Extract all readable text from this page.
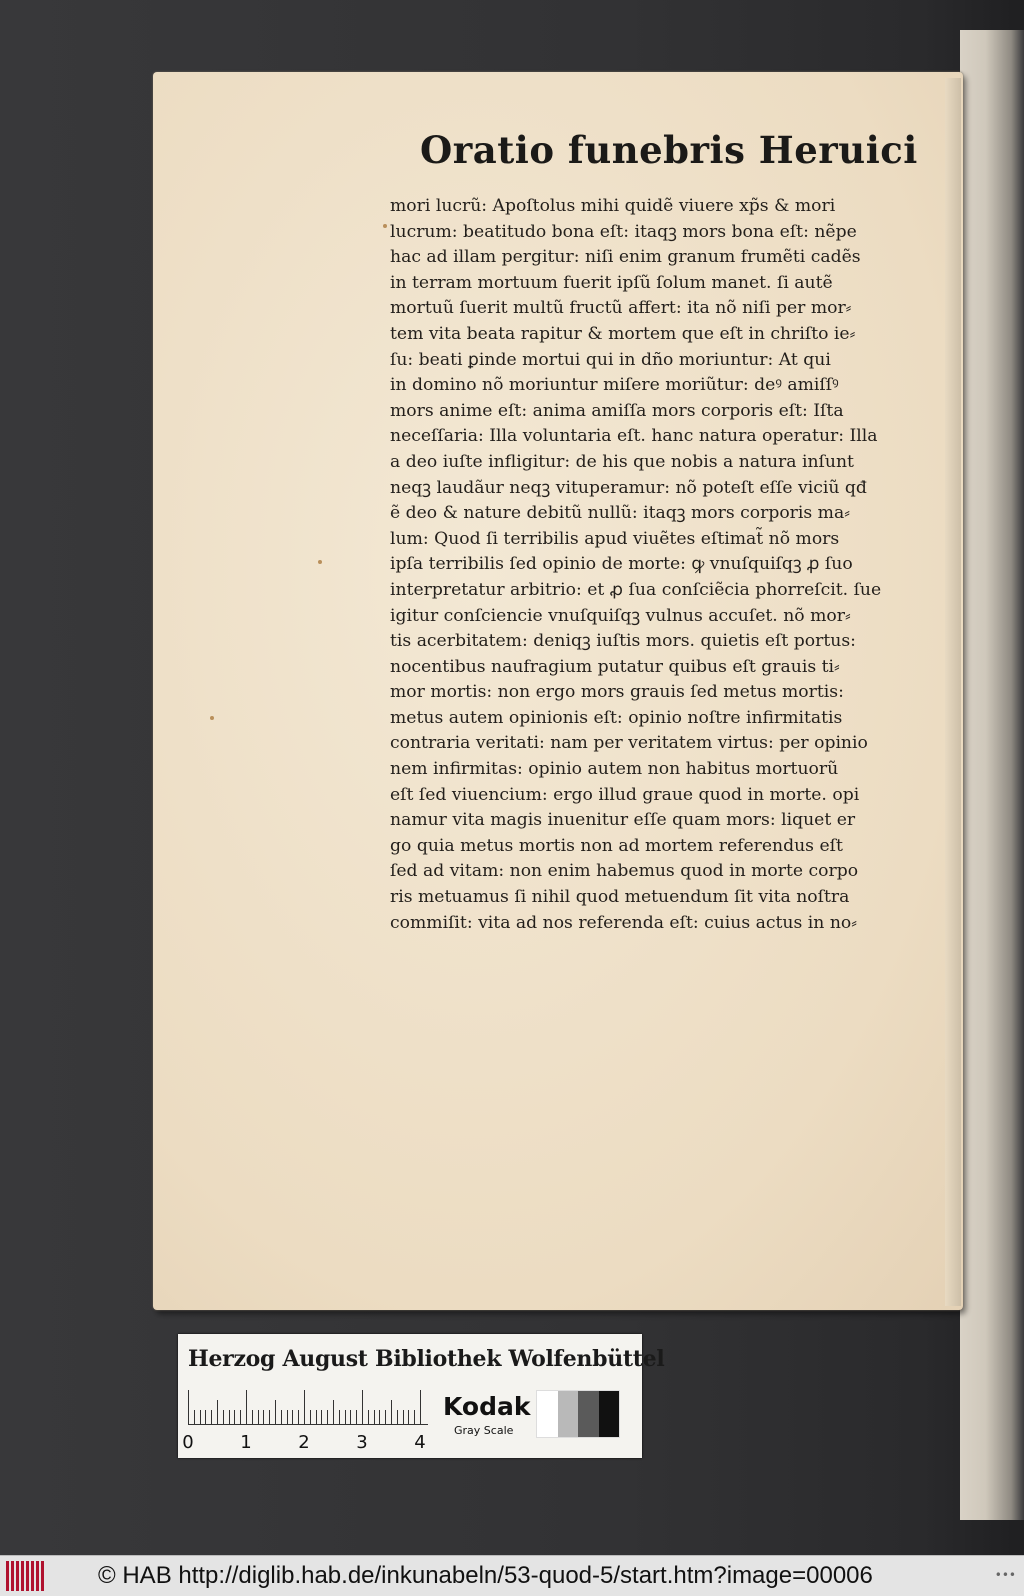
Oratio funebris Heruici
mori lucrũ: Apoſtolus mihi quidẽ viuere xp̃s & mori
lucrum: beatitudo bona eſt: itaqꝫ mors bona eſt: nẽpe
hac ad illam pergitur: niſi enim granum frumẽti cadẽs
in terram mortuum fuerit ipſũ ſolum manet. ſi autẽ
mortuũ ſuerit multũ fructũ affert: ita nõ niſi per mor⸗
tem vita beata rapitur & mortem que eſt in chriſto ie⸗
ſu: beati ꝑinde mortui qui in dño moriuntur: At qui
in domino nõ moriuntur miſere moriũtur: deꝰ amiſſꝰ
mors anime eſt: anima amiſſa mors corporis eſt: Iſta
neceſſaria: Illa voluntaria eſt. hanc natura operatur: Illa
a deo iuſte infligitur: de his que nobis a natura inſunt
neqꝫ laudãur neqꝫ vituperamur: nõ poteſt eſſe viciũ qđ
ẽ deo & nature debitũ nullũ: itaqꝫ mors corporis ma⸗
lum: Quod ſi terribilis apud viuẽtes eſtimat̃ nõ mors
ipſa terribilis ſed opinio de morte: ꝙ vnuſquiſqꝫ ꝓ ſuo
interpretatur arbitrio: et ꝓ ſua conſciẽcia phorreſcit. ſue
igitur conſciencie vnuſquiſqꝫ vulnus accuſet. nõ mor⸗
tis acerbitatem: deniqꝫ iuſtis mors. quietis eſt portus:
nocentibus naufragium putatur quibus eſt grauis ti⸗
mor mortis: non ergo mors grauis ſed metus mortis:
metus autem opinionis eſt: opinio noſtre infirmitatis
contraria veritati: nam per veritatem virtus: per opinio
nem infirmitas: opinio autem non habitus mortuorũ
eſt ſed viuencium: ergo illud graue quod in morte. opi
namur vita magis inuenitur eſſe quam mors: liquet er
go quia metus mortis non ad mortem referendus eſt
ſed ad vitam: non enim habemus quod in morte corpo
ris metuamus ſi nihil quod metuendum ſit vita noſtra
commiſit: vita ad nos referenda eſt: cuius actus in no⸗
Herzog August Bibliothek Wolfenbüttel
0	1	2	3	4
Kodak
Gray Scale
© HAB http://diglib.hab.de/inkunabeln/53-quod-5/start.htm?image=00006	•••
